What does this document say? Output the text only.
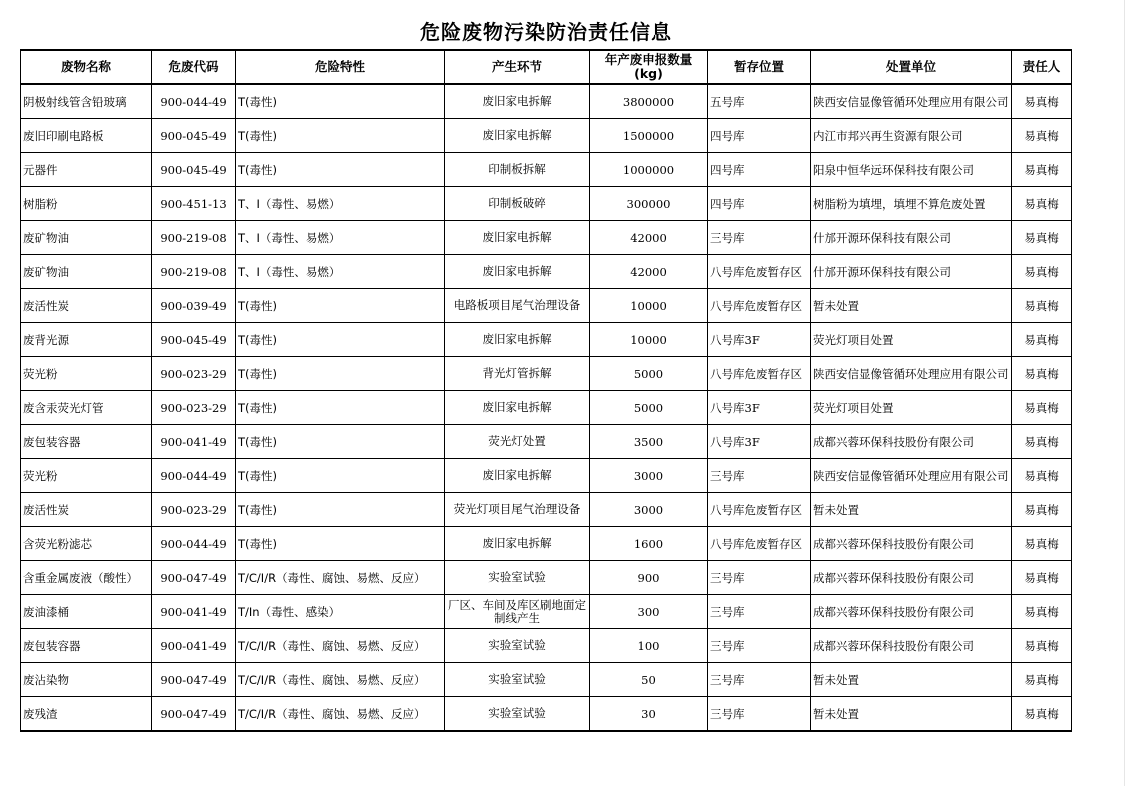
危险废物污染防治责任信息
废物名称	危废代码	危险特性	产生环节	年产废申报数量 (kg)	暂存位置	处置单位	责任人
阴极射线管含铅玻璃	900-044-49	T(毒性)	废旧家电拆解	3800000	五号库	陕西安信显像管循环处理应用有限公司	易真梅
废旧印刷电路板	900-045-49	T(毒性)	废旧家电拆解	1500000	四号库	内江市邦兴再生资源有限公司	易真梅
元器件	900-045-49	T(毒性)	印制板拆解	1000000	四号库	阳泉中恒华远环保科技有限公司	易真梅
树脂粉	900-451-13	T、I（毒性、易燃）	印制板破碎	300000	四号库	树脂粉为填埋，填埋不算危废处置	易真梅
废矿物油	900-219-08	T、I（毒性、易燃）	废旧家电拆解	42000	三号库	什邡开源环保科技有限公司	易真梅
废矿物油	900-219-08	T、I（毒性、易燃）	废旧家电拆解	42000	八号库危废暂存区	什邡开源环保科技有限公司	易真梅
废活性炭	900-039-49	T(毒性)	电路板项目尾气治理设备	10000	八号库危废暂存区	暂未处置	易真梅
废背光源	900-045-49	T(毒性)	废旧家电拆解	10000	八号库3F	荧光灯项目处置	易真梅
荧光粉	900-023-29	T(毒性)	背光灯管拆解	5000	八号库危废暂存区	陕西安信显像管循环处理应用有限公司	易真梅
废含汞荧光灯管	900-023-29	T(毒性)	废旧家电拆解	5000	八号库3F	荧光灯项目处置	易真梅
废包装容器	900-041-49	T(毒性)	荧光灯处置	3500	八号库3F	成都兴蓉环保科技股份有限公司	易真梅
荧光粉	900-044-49	T(毒性)	废旧家电拆解	3000	三号库	陕西安信显像管循环处理应用有限公司	易真梅
废活性炭	900-023-29	T(毒性)	荧光灯项目尾气治理设备	3000	八号库危废暂存区	暂未处置	易真梅
含荧光粉滤芯	900-044-49	T(毒性)	废旧家电拆解	1600	八号库危废暂存区	成都兴蓉环保科技股份有限公司	易真梅
含重金属废液（酸性）	900-047-49	T/C/I/R（毒性、腐蚀、易燃、反应）	实验室试验	900	三号库	成都兴蓉环保科技股份有限公司	易真梅
废油漆桶	900-041-49	T/In（毒性、感染）	厂区、车间及库区刷地面定制线产生	300	三号库	成都兴蓉环保科技股份有限公司	易真梅
废包装容器	900-041-49	T/C/I/R（毒性、腐蚀、易燃、反应）	实验室试验	100	三号库	成都兴蓉环保科技股份有限公司	易真梅
废沾染物	900-047-49	T/C/I/R（毒性、腐蚀、易燃、反应）	实验室试验	50	三号库	暂未处置	易真梅
废残渣	900-047-49	T/C/I/R（毒性、腐蚀、易燃、反应）	实验室试验	30	三号库	暂未处置	易真梅
